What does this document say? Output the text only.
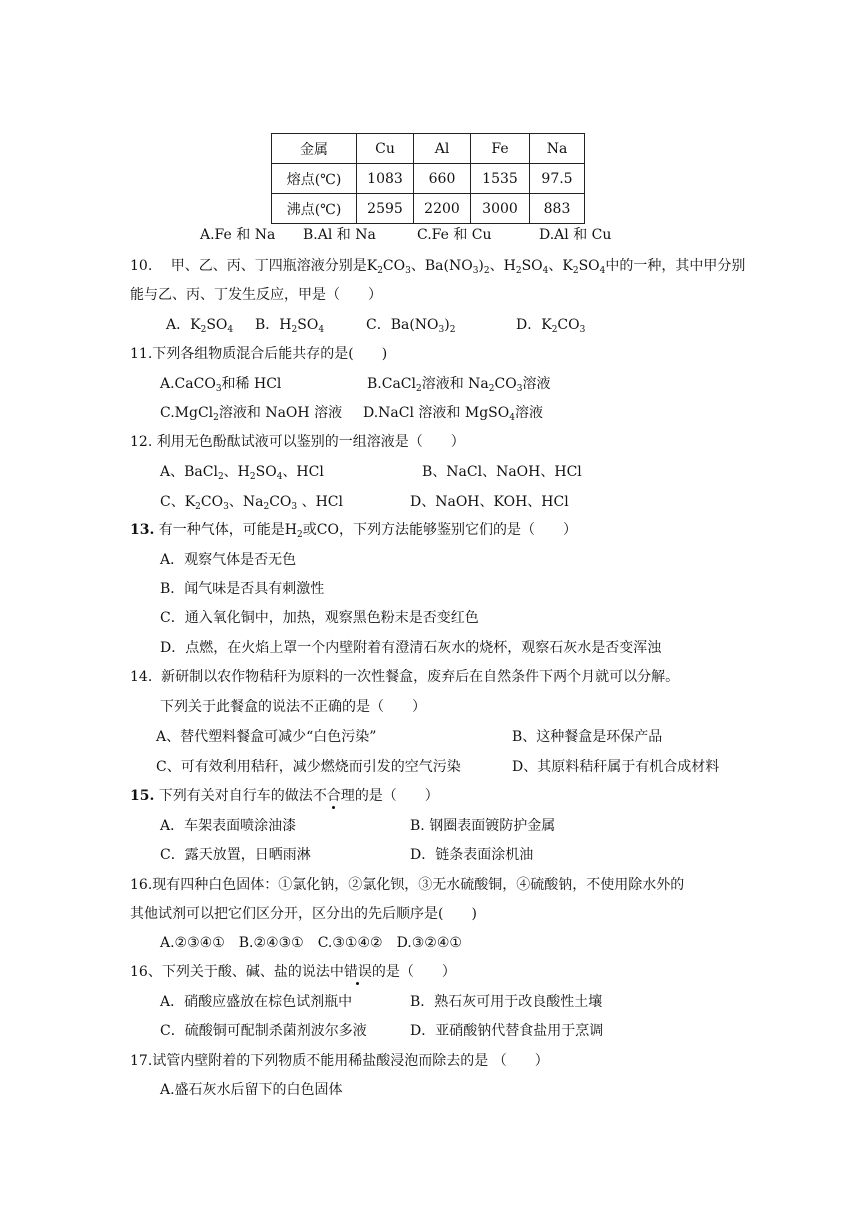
金属	Cu	Al	Fe	Na
熔点(℃)	1083	660	1535	97.5
沸点(℃)	2595	2200	3000	883
A.Fe 和 Na B.Al 和 Na	C.Fe 和 Cu	D.Al 和 Cu
10.　 甲、乙、丙、丁四瓶溶液分别是$K_2CO_3$、$Ba(NO_3)_2$、$H_2SO_4$、$K_2SO_4$中的一种，其中甲分别
能与乙、丙、丁发生反应，甲是（　　）
A．$K_2SO_4$ B．$H_2SO_4$	C．$Ba(NO_3)_2$	D．$K_2CO_3$
11.下列各组物质混合后能共存的是(　　)
A.CaCO$_3$和稀 HCl	B.CaCl$_2$溶液和 $Na_2CO_3$溶液
C.MgCl$_2$溶液和 NaOH 溶液 D.NaCl 溶液和 MgSO$_4$溶液
12. 利用无色酚酞试液可以鉴别的一组溶液是（　　）
A、BaCl$_2$、$H_2SO_4$、HCl	B、NaCl、NaOH、HCl
C、$K_2CO_3$、$Na_2CO_3$ 、HCl	D、NaOH、KOH、HCl
13. 有一种气体，可能是$H_2$或CO，下列方法能够鉴别它们的是（　　）
A．观察气体是否无色
B．闻气味是否具有刺激性
C．通入氧化铜中，加热，观察黑色粉末是否变红色
D．点燃，在火焰上罩一个内壁附着有澄清石灰水的烧杯，观察石灰水是否变浑浊
14.  新研制以农作物秸秆为原料的一次性餐盒，废弃后在自然条件下两个月就可以分解。
下列关于此餐盒的说法不正确的是（　　）
A、替代塑料餐盒可减少“白色污染”	B、这种餐盒是环保产品
C、可有效利用秸秆，减少燃烧而引发的空气污染	D、其原料秸秆属于有机合成材料
15. 下列有关对自行车的做法不合理的是（　　）
A．车架表面喷涂油漆	B. 钢圈表面镀防护金属
C．露天放置，日晒雨淋	D．链条表面涂机油
16.现有四种白色固体：①氯化钠，②氯化钡，③无水硫酸铜，④硫酸钠，不使用除水外的
其他试剂可以把它们区分开，区分出的先后顺序是(　　)
A.②③④①　B.②④③①　C.③①④②　D.③②④①
16、下列关于酸、碱、盐的说法中错误的是（　　）
A．硝酸应盛放在棕色试剂瓶中	B．熟石灰可用于改良酸性土壤
C．硫酸铜可配制杀菌剂波尔多液	D．亚硝酸钠代替食盐用于烹调
17.试管内壁附着的下列物质不能用稀盐酸浸泡而除去的是 （　　）
A.盛石灰水后留下的白色固体
